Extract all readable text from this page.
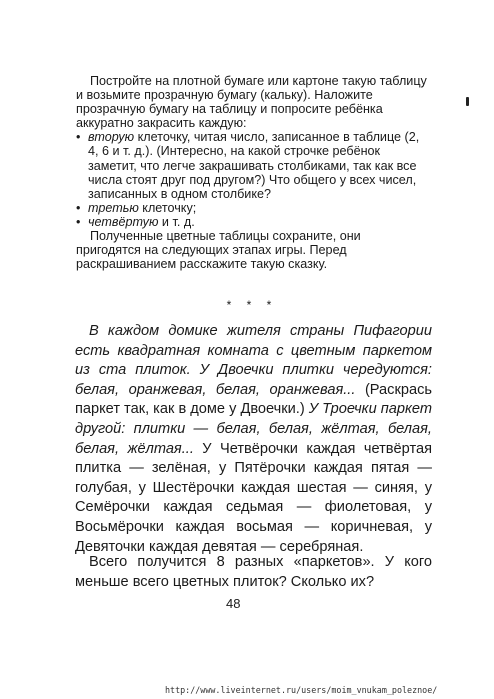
Постройте на плотной бумаге или картоне такую таблицу и возьмите прозрачную бумагу (кальку). Наложите прозрачную бумагу на таблицу и попросите ребёнка аккуратно закрасить каждую:

• вторую клеточку, читая число, записанное в таблице (2, 4, 6 и т. д.). (Интересно, на какой строчке ребёнок заметит, что легче закрашивать столбиками, так как все числа стоят друг под другом?) Что общего у всех чисел, записанных в одном столбике?

• третью клеточку;

• четвёртую и т. д.

Полученные цветные таблицы сохраните, они пригодятся на следующих этапах игры. Перед раскрашиванием расскажите такую сказку.

* * *

В каждом домике жителя страны Пифагории есть квадратная комната с цветным паркетом из ста плиток. У Двоечки плитки чередуются: белая, оранжевая, белая, оранжевая... (Раскрась паркет так, как в доме у Двоечки.) У Троечки паркет другой: плитки — белая, белая, жёлтая, белая, белая, жёлтая... У Четвёрочки каждая четвёртая плитка — зелёная, у Пятёрочки каждая пятая — голубая, у Шестёрочки каждая шестая — синяя, у Семёрочки каждая седьмая — фиолетовая, у Восьмёрочки каждая восьмая — коричневая, у Девяточки каждая девятая — серебряная.

Всего получится 8 разных «паркетов». У кого меньше всего цветных плиток? Сколько их?

48
http://www.liveinternet.ru/users/moim_vnukam_poleznoe/
